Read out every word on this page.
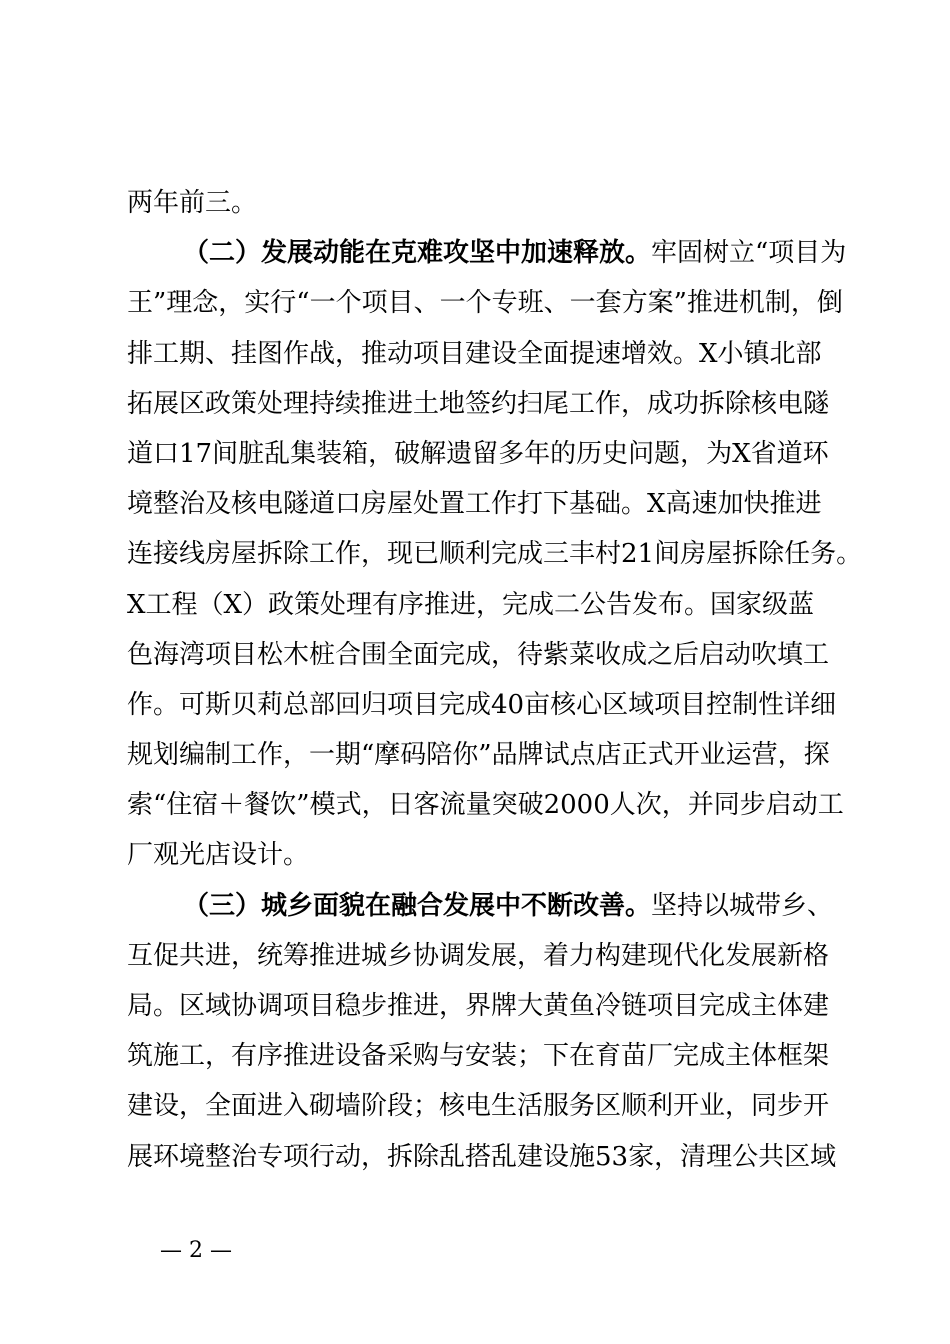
两年前三。
（二）发展动能在克难攻坚中加速释放。牢固树立“项目为
王”理念，实行“一个项目、一个专班、一套方案”推进机制，倒
排工期、挂图作战，推动项目建设全面提速增效。X小镇北部
拓展区政策处理持续推进土地签约扫尾工作，成功拆除核电隧
道口17间脏乱集装箱，破解遗留多年的历史问题，为X省道环
境整治及核电隧道口房屋处置工作打下基础。X高速加快推进
连接线房屋拆除工作，现已顺利完成三丰村21间房屋拆除任务。
X工程（X）政策处理有序推进，完成二公告发布。国家级蓝
色海湾项目松木桩合围全面完成，待紫菜收成之后启动吹填工
作。可斯贝莉总部回归项目完成40亩核心区域项目控制性详细
规划编制工作，一期“摩码陪你”品牌试点店正式开业运营，探
索“住宿＋餐饮”模式，日客流量突破2000人次，并同步启动工
厂观光店设计。
（三）城乡面貌在融合发展中不断改善。坚持以城带乡、
互促共进，统筹推进城乡协调发展，着力构建现代化发展新格
局。区域协调项目稳步推进，界牌大黄鱼冷链项目完成主体建
筑施工，有序推进设备采购与安装；下在育苗厂完成主体框架
建设，全面进入砌墙阶段；核电生活服务区顺利开业，同步开
展环境整治专项行动，拆除乱搭乱建设施53家，清理公共区域
— 2 —
